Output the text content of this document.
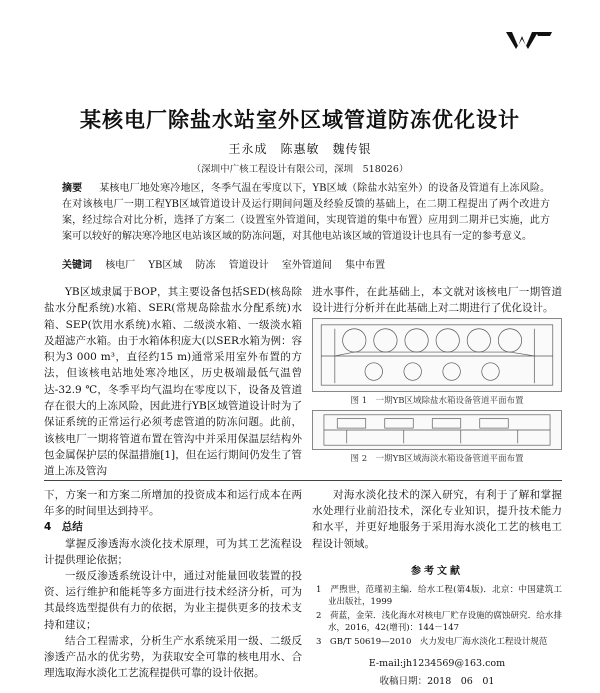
某核电厂除盐水站室外区域管道防冻优化设计
王永成　陈惠敏　魏传银
（深圳中广核工程设计有限公司，深圳　518026）
摘要 　 某核电厂地处寒冷地区，冬季气温在零度以下，YB区域（除盐水站室外）的设备及管道有上冻风险。在对该核电厂一期工程YB区域管道设计及运行期间问题及经验反馈的基础上，在二期工程提出了两个改进方案，经过综合对比分析，选择了方案二（设置室外管道间，实现管道的集中布置）应用到二期并已实施，此方案可以较好的解决寒冷地区电站该区域的防冻问题，对其他电站该区域的管道设计也具有一定的参考意义。
关键词 核电厂 YB区域 防冻 管道设计 室外管道间 集中布置
YB区域隶属于BOP，其主要设备包括SED(核岛除盐水分配系统)水箱、SER(常规岛除盐水分配系统)水箱、SEP(饮用水系统)水箱、二级淡水箱、一级淡水箱及超滤产水箱。由于水箱体积庞大(以SER水箱为例：容积为3 000 m³，直径约15 m)通常采用室外布置的方法，但该核电站地处寒冷地区，历史极端最低气温曾达-32.9 ℃，冬季平均气温均在零度以下，设备及管道存在很大的上冻风险，因此进行YB区域管道设计时为了保证系统的正常运行必须考虑管道的防冻问题。此前，该核电厂一期将管道布置在管沟中并采用保温层结构外包金属保护层的保温措施[1]，但在运行期间仍发生了管道上冻及管沟
进水事件，在此基础上，本文就对该核电厂一期管道设计进行分析并在此基础上对二期进行了优化设计。
图 1　一期YB区域除盐水箱设备管道平面布置
图 2　一期YB区域海淡水箱设备管道平面布置

下，方案一和方案二所增加的投资成本和运行成本在两年多的时间里达到持平。

4　总结

掌握反渗透海水淡化技术原理，可为其工艺流程设计提供理论依据；

一级反渗透系统设计中，通过对能量回收装置的投资、运行维护和能耗等多方面进行技术经济分析，可为其最终选型提供有力的依据，为业主提供更多的技术支持和建议；

结合工程需求，分析生产水系统采用一级、二级反渗透产品水的优劣势，为获取安全可靠的核电用水、合理选取海水淡化工艺流程提供可靠的设计依据。

对海水淡化技术的深入研究，有利于了解和掌握水处理行业前沿技术，深化专业知识，提升技术能力和水平，并更好地服务于采用海水淡化工艺的核电工程设计领域。

参考文献
1　严煦世，范瑾初主编．给水工程(第4版)．北京：中国建筑工业出版社，1999
2　荷蓝，金荣．浅化海水对核电厂贮存设施的腐蚀研究．给水排水，2016，42(增刊)：144－147
3　GB/T 50619—2010　火力发电厂海水淡化工程设计规范
E-mail:jh1234569@163.com
收稿日期：2018　06　01
